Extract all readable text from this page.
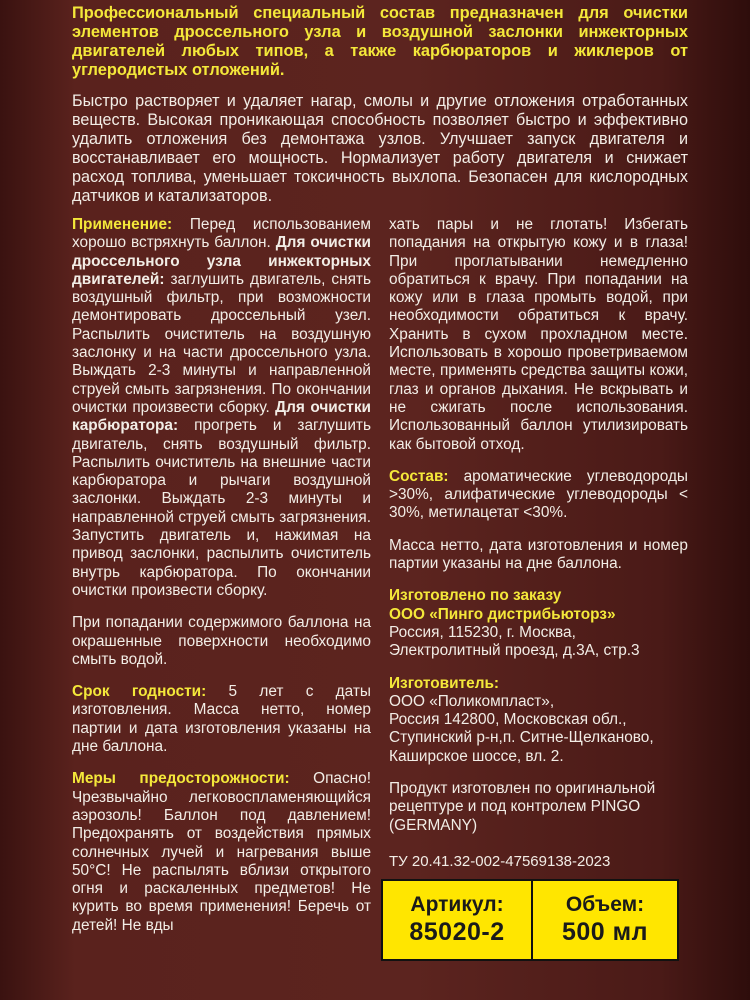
Профессиональный специальный состав предназначен для очистки элементов дроссельного узла и воздушной заслонки инжекторных двигателей любых типов, а также карбюраторов и жиклеров от углеродистых отложений.

Быстро растворяет и удаляет нагар, смолы и другие отложения отработанных веществ. Высокая проникающая способность позволяет быстро и эффективно удалить отложения без демонтажа узлов. Улучшает запуск двигателя и восстанавливает его мощность. Нормализует работу двигателя и снижает расход топлива, уменьшает токсичность выхлопа. Безопасен для кислородных датчиков и катализаторов.

Применение: Перед использованием хорошо встряхнуть баллон. Для очистки дроссельного узла инжекторных двигателей: заглушить двигатель, снять воздушный фильтр, при возможности демонтировать дроссельный узел. Распылить очиститель на воздушную заслонку и на части дроссельного узла. Выждать 2-3 минуты и направленной струей смыть загрязнения. По окончании очистки произвести сборку. Для очистки карбюратора: прогреть и заглушить двигатель, снять воздушный фильтр. Распылить очиститель на внешние части карбюратора и рычаги воздушной заслонки. Выждать 2-3 минуты и направленной струей смыть загрязнения. Запустить двигатель и, нажимая на привод заслонки, распылить очиститель внутрь карбюратора. По окончании очистки произвести сборку.

При попадании содержимого баллона на окрашенные поверхности необходимо смыть водой.

Срок годности: 5 лет с даты изготовления. Масса нетто, номер партии и дата изготовления указаны на дне баллона.

Меры предосторожности: Опасно! Чрезвычайно легковоспламеняющийся аэрозоль! Баллон под давлением! Предохранять от воздействия прямых солнечных лучей и нагревания выше 50°С! Не распылять вблизи открытого огня и раскаленных предметов! Не курить во время применения! Беречь от детей! Не вды

хать пары и не глотать! Избегать попадания на открытую кожу и в глаза! При проглатывании немедленно обратиться к врачу. При попадании на кожу или в глаза промыть водой, при необходимости обратиться к врачу. Хранить в сухом прохладном месте. Использовать в хорошо проветриваемом месте, применять средства защиты кожи, глаз и органов дыхания. Не вскрывать и не сжигать после использования. Использованный баллон утилизировать как бытовой отход.

Состав: ароматические углеводороды >30%, алифатические углеводороды < 30%, метилацетат <30%.

Масса нетто, дата изготовления и номер партии указаны на дне баллона.

Изготовлено по заказу
ООО «Пинго дистрибьюторз»
Россия, 115230, г. Москва,
Электролитный проезд, д.3А, стр.3

Изготовитель:
ООО «Поликомпласт»,
Россия 142800, Московская обл.,
Ступинский р-н,п. Ситне-Щелканово,
Каширское шоссе, вл. 2.

Продукт изготовлен по оригинальной рецептуре и под контролем PINGO (GERMANY)

ТУ 20.41.32-002-47569138-2023
Артикул:
85020-2
Объем:
500 мл
